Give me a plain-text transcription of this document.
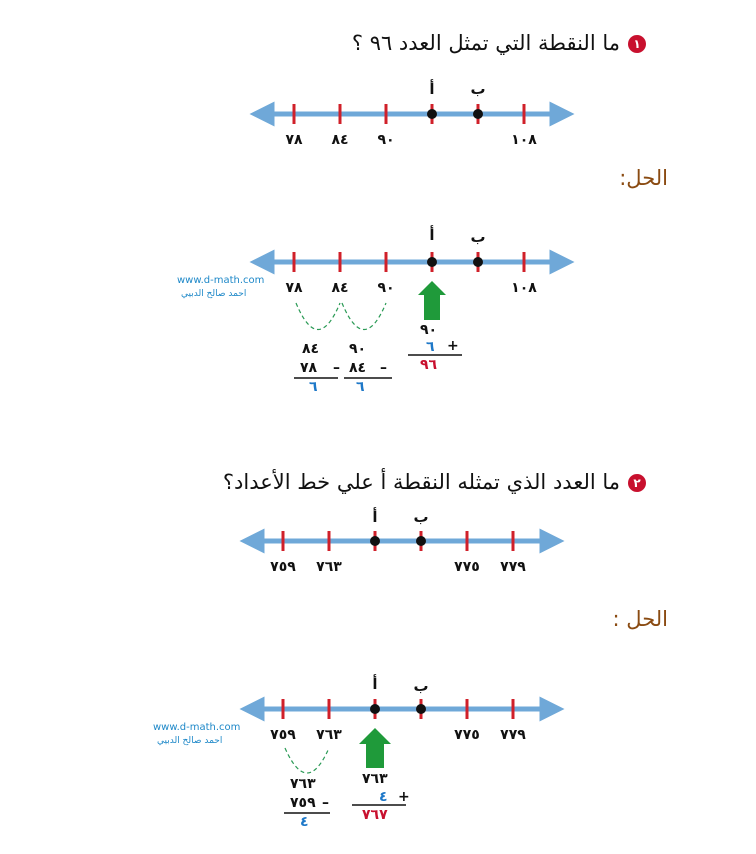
١ما النقطة التي تمثل العدد ٩٦ ؟
أ	ب
٧٨	٨٤	٩٠	١٠٨
الحل:
أ	ب
٧٨	٨٤	٩٠	١٠٨
www.d-math.com
احمد صالح الدبيي
٨٤
٧٨ –
٦
٩٠
٨٤ –
٦
٩٠
٦ +
٩٦
٢ما العدد الذي تمثله النقطة أ علي خط الأعداد؟
أ	ب
٧٥٩	٧٦٣	٧٧٥	٧٧٩
الحل :
أ	ب
٧٥٩	٧٦٣	٧٧٥	٧٧٩
www.d-math.com
احمد صالح الدبيي
٧٦٣
٧٥٩ –
٤
٧٦٣
٤ +
٧٦٧
